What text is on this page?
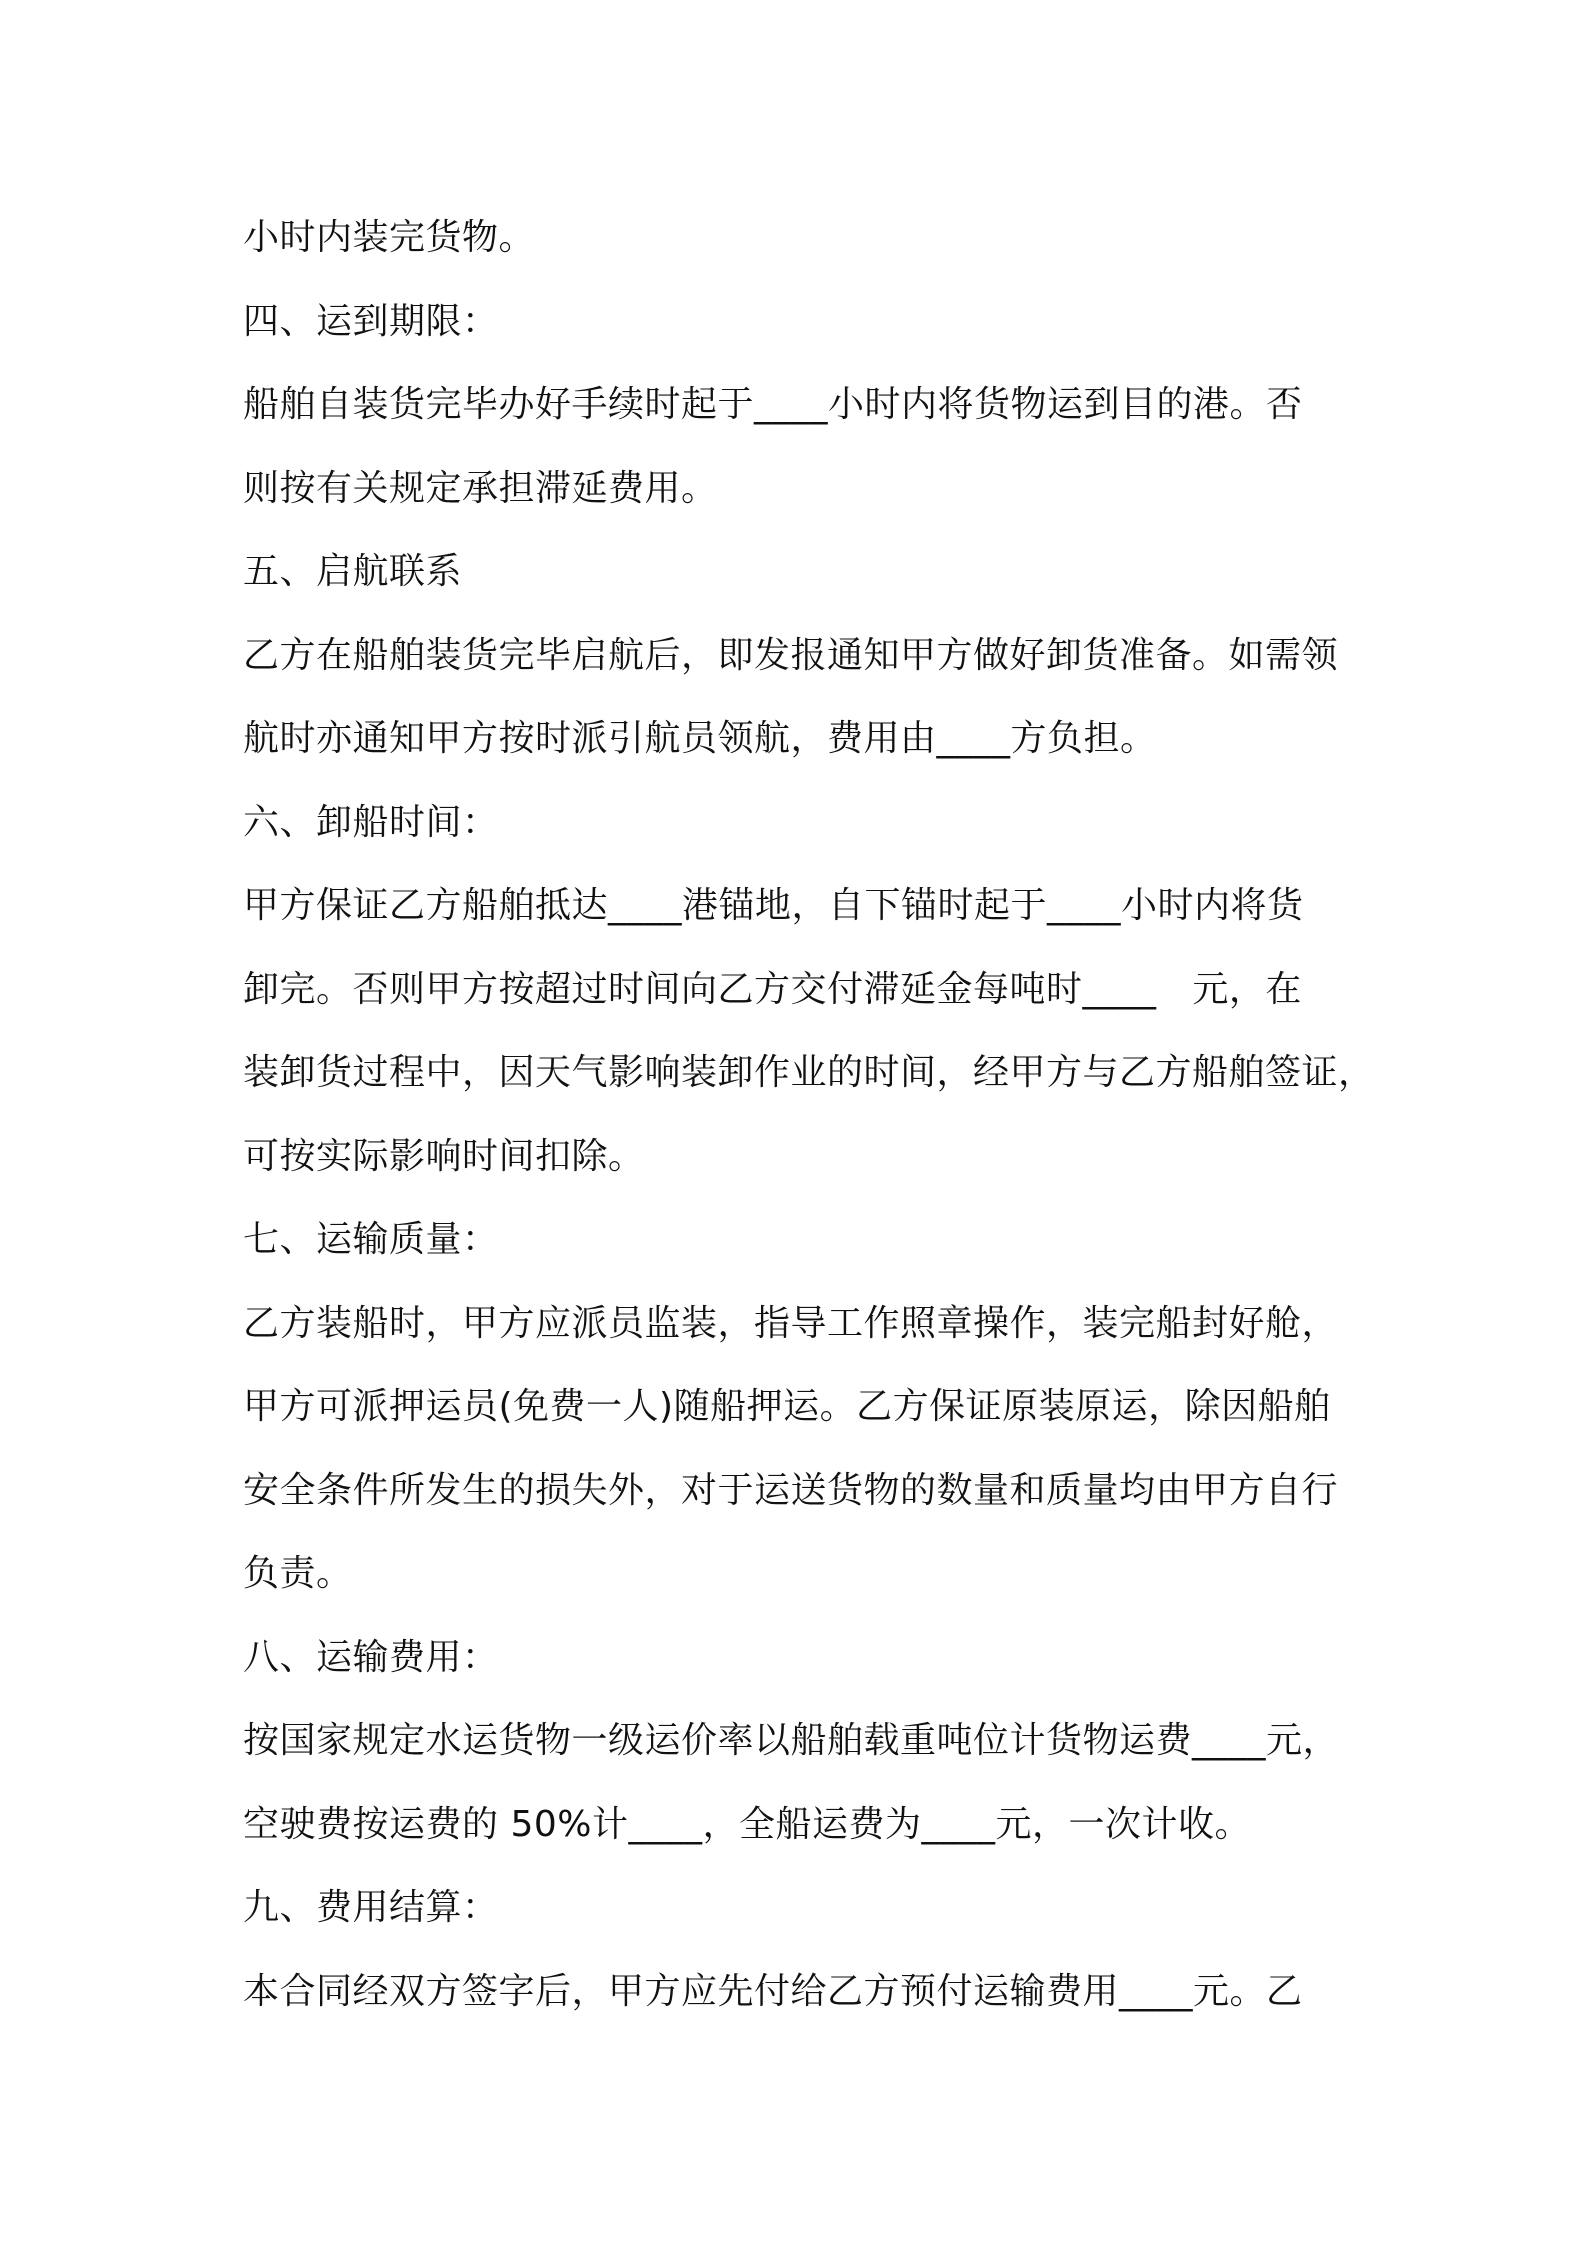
小时内装完货物。
四、运到期限：
船舶自装货完毕办好手续时起于____小时内将货物运到目的港。否
则按有关规定承担滞延费用。
五、启航联系
乙方在船舶装货完毕启航后，即发报通知甲方做好卸货准备。如需领
航时亦通知甲方按时派引航员领航，费用由____方负担。
六、卸船时间：
甲方保证乙方船舶抵达____港锚地，自下锚时起于____小时内将货
卸完。否则甲方按超过时间向乙方交付滞延金每吨时____   元，在
装卸货过程中，因天气影响装卸作业的时间，经甲方与乙方船舶签证，
可按实际影响时间扣除。
七、运输质量：
乙方装船时，甲方应派员监装，指导工作照章操作，装完船封好舱，
甲方可派押运员(免费一人)随船押运。乙方保证原装原运，除因船舶
安全条件所发生的损失外，对于运送货物的数量和质量均由甲方自行
负责。
八、运输费用：
按国家规定水运货物一级运价率以船舶载重吨位计货物运费____元，
空驶费按运费的 50%计____，全船运费为____元，一次计收。
九、费用结算：
本合同经双方签字后，甲方应先付给乙方预付运输费用____元。乙
